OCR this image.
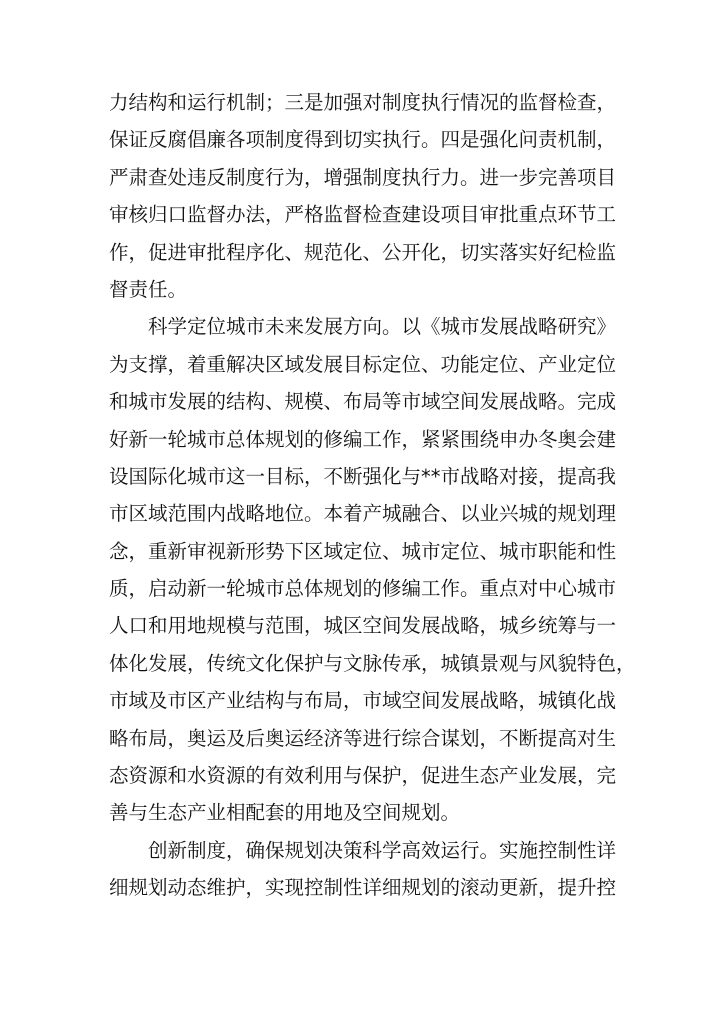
力结构和运行机制；三是加强对制度执行情况的监督检查，
保证反腐倡廉各项制度得到切实执行。四是强化问责机制，
严肃查处违反制度行为，增强制度执行力。进一步完善项目
审核归口监督办法，严格监督检查建设项目审批重点环节工
作，促进审批程序化、规范化、公开化，切实落实好纪检监
督责任。
科学定位城市未来发展方向。以《城市发展战略研究》
为支撑，着重解决区域发展目标定位、功能定位、产业定位
和城市发展的结构、规模、布局等市域空间发展战略。完成
好新一轮城市总体规划的修编工作，紧紧围绕申办冬奥会建
设国际化城市这一目标，不断强化与**市战略对接，提高我
市区域范围内战略地位。本着产城融合、以业兴城的规划理
念，重新审视新形势下区域定位、城市定位、城市职能和性
质，启动新一轮城市总体规划的修编工作。重点对中心城市
人口和用地规模与范围，城区空间发展战略，城乡统筹与一
体化发展，传统文化保护与文脉传承，城镇景观与风貌特色，
市域及市区产业结构与布局，市域空间发展战略，城镇化战
略布局，奥运及后奥运经济等进行综合谋划，不断提高对生
态资源和水资源的有效利用与保护，促进生态产业发展，完
善与生态产业相配套的用地及空间规划。
创新制度，确保规划决策科学高效运行。实施控制性详
细规划动态维护，实现控制性详细规划的滚动更新，提升控
